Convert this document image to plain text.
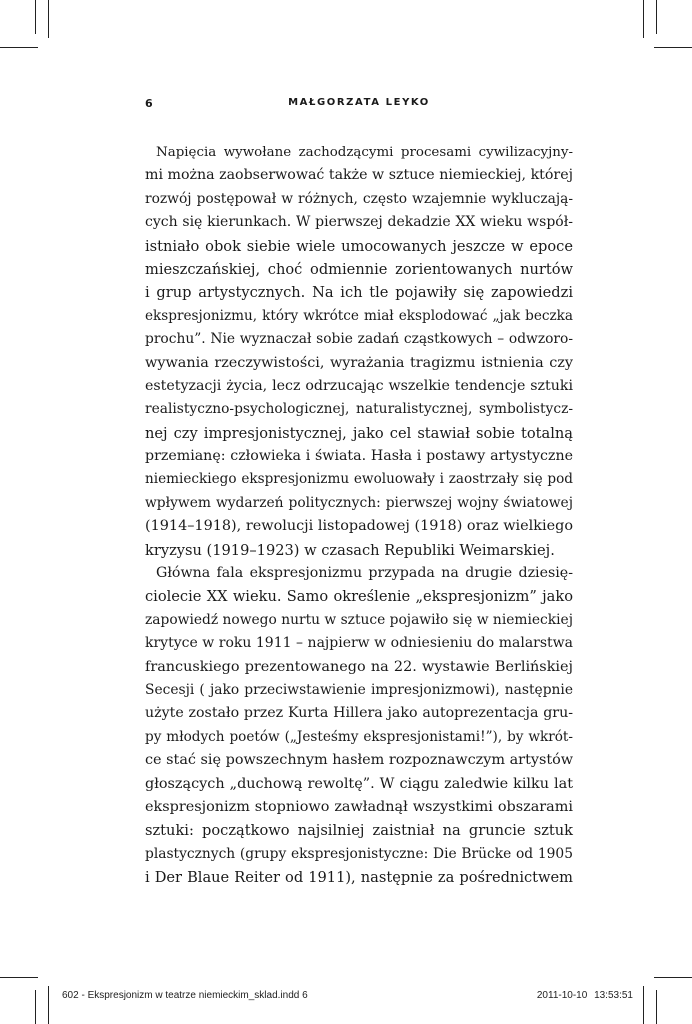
6	MAŁGORZATA LEYKO

Napięcia wywołane zachodzącymi procesami cywilizacyjny-
mi można zaobserwować także w sztuce niemieckiej, której
rozwój postępował w różnych, często wzajemnie wykluczają-
cych się kierunkach. W pierwszej dekadzie XX wieku współ-
istniało obok siebie wiele umocowanych jeszcze w epoce
mieszczańskiej, choć odmiennie zorientowanych nurtów
i grup artystycznych. Na ich tle pojawiły się zapowiedzi
ekspresjonizmu, który wkrótce miał eksplodować „jak beczka
prochu”. Nie wyznaczał sobie zadań cząstkowych – odwzoro-
wywania rzeczywistości, wyrażania tragizmu istnienia czy
estetyzacji życia, lecz odrzucając wszelkie tendencje sztuki
realistyczno-psychologicznej, naturalistycznej, symbolistycz-
nej czy impresjonistycznej, jako cel stawiał sobie totalną
przemianę: człowieka i świata. Hasła i postawy artystyczne
niemieckiego ekspresjonizmu ewoluowały i zaostrzały się pod
wpływem wydarzeń politycznych: pierwszej wojny światowej
(1914–1918), rewolucji listopadowej (1918) oraz wielkiego
kryzysu (1919–1923) w czasach Republiki Weimarskiej.

Główna fala ekspresjonizmu przypada na drugie dziesię-
ciolecie XX wieku. Samo określenie „ekspresjonizm” jako
zapowiedź nowego nurtu w sztuce pojawiło się w niemieckiej
krytyce w roku 1911 – najpierw w odniesieniu do malarstwa
francuskiego prezentowanego na 22. wystawie Berlińskiej
Secesji ( jako przeciwstawienie impresjonizmowi), następnie
użyte zostało przez Kurta Hillera jako autoprezentacja gru-
py młodych poetów („Jesteśmy ekspresjonistami!”), by wkrót-
ce stać się powszechnym hasłem rozpoznawczym artystów
głoszących „duchową rewoltę”. W ciągu zaledwie kilku lat
ekspresjonizm stopniowo zawładnął wszystkimi obszarami
sztuki: początkowo najsilniej zaistniał na gruncie sztuk
plastycznych (grupy ekspresjonistyczne: Die Brücke od 1905
i Der Blaue Reiter od 1911), następnie za pośrednictwem

602 - Ekspresjonizm w teatrze niemieckim_sklad.indd 6	2011-10-10 13:53:51
